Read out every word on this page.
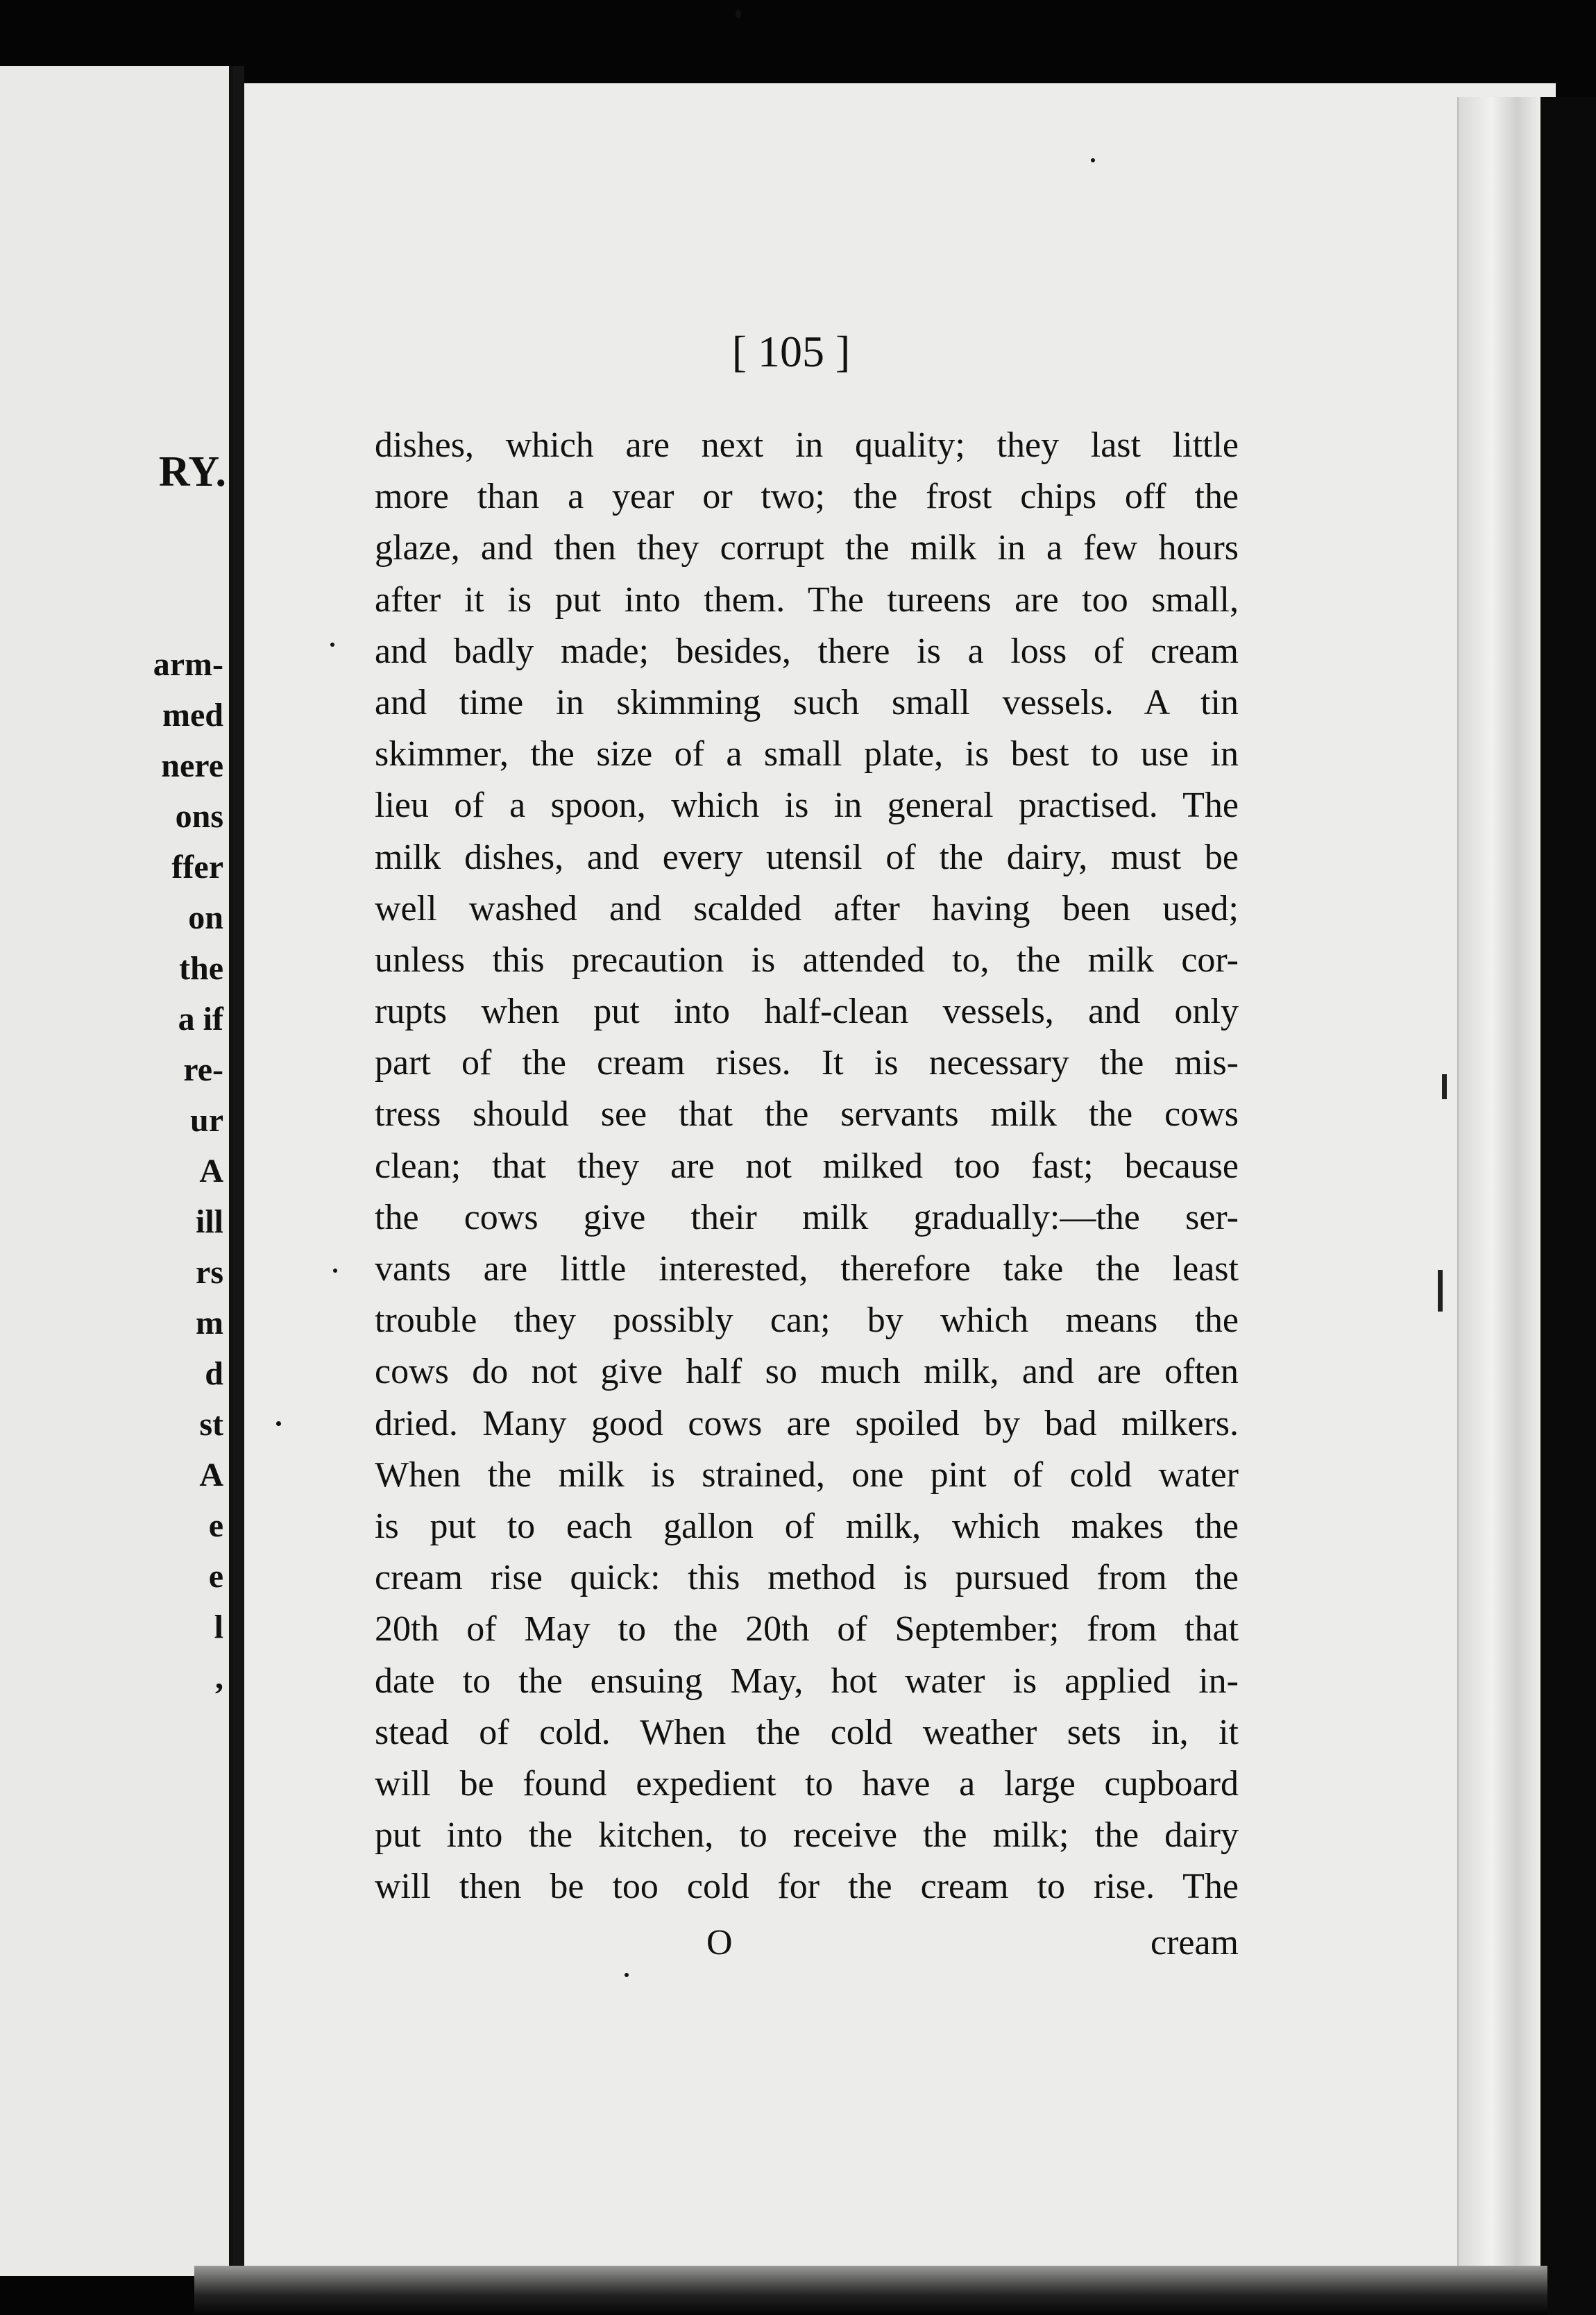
RY.
arm-
med
nere
ons
ffer
on
the
a if
re-
ur
A
ill
rs
m
d
st
A
e
e
l
,
[ 105 ]
dishes, which are next in quality; they last little
more than a year or two; the frost chips off the
glaze, and then they corrupt the milk in a few hours
after it is put into them. The tureens are too small,
and badly made; besides, there is a loss of cream
and time in skimming such small vessels. A tin
skimmer, the size of a small plate, is best to use in
lieu of a spoon, which is in general practised. The
milk dishes, and every utensil of the dairy, must be
well washed and scalded after having been used;
unless this precaution is attended to, the milk cor-
rupts when put into half-clean vessels, and only
part of the cream rises. It is necessary the mis-
tress should see that the servants milk the cows
clean; that they are not milked too fast; because
the cows give their milk gradually:—the ser-
vants are little interested, therefore take the least
trouble they possibly can; by which means the
cows do not give half so much milk, and are often
dried. Many good cows are spoiled by bad milkers.
When the milk is strained, one pint of cold water
is put to each gallon of milk, which makes the
cream rise quick: this method is pursued from the
20th of May to the 20th of September; from that
date to the ensuing May, hot water is applied in-
stead of cold. When the cold weather sets in, it
will be found expedient to have a large cupboard
put into the kitchen, to receive the milk; the dairy
will then be too cold for the cream to rise. The
O	cream
